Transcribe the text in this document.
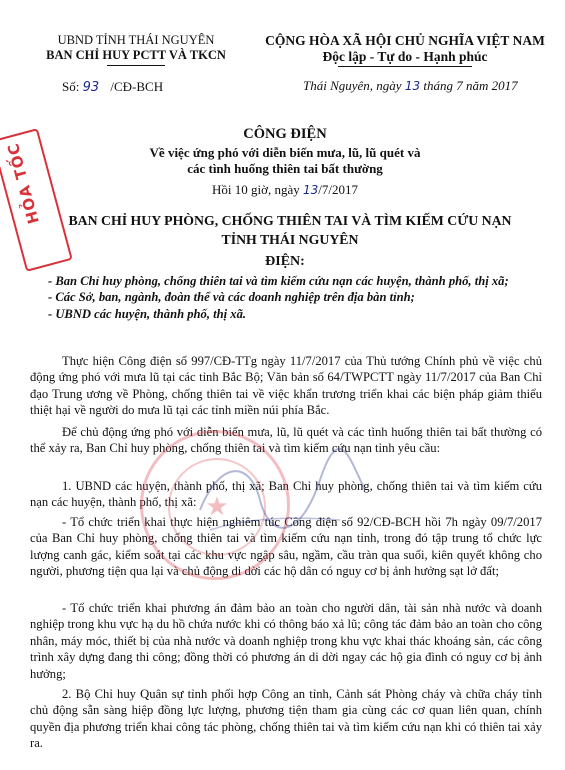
UBND TỈNH THÁI NGUYÊN
BAN CHỈ HUY PCTT VÀ TKCN
Số: 93 /CĐ-BCH
CỘNG HÒA XÃ HỘI CHỦ NGHĨA VIỆT NAM
Độc lập - Tự do - Hạnh phúc
Thái Nguyên, ngày 13 tháng 7 năm 2017
HỎA TỐC
CÔNG ĐIỆN
Về việc ứng phó với diễn biến mưa, lũ, lũ quét và
các tình huống thiên tai bất thường
Hồi 10 giờ, ngày 13/7/2017
BAN CHỈ HUY PHÒNG, CHỐNG THIÊN TAI VÀ TÌM KIẾM CỨU NẠN
TỈNH THÁI NGUYÊN
ĐIỆN:
- Ban Chỉ huy phòng, chống thiên tai và tìm kiếm cứu nạn các huyện, thành phố, thị xã;
- Các Sở, ban, ngành, đoàn thể và các doanh nghiệp trên địa bàn tỉnh;
- UBND các huyện, thành phố, thị xã.
Thực hiện Công điện số 997/CĐ-TTg ngày 11/7/2017 của Thủ tướng Chính phủ về việc chủ động ứng phó với mưa lũ tại các tỉnh Bắc Bộ; Văn bản số 64/TWPCTT ngày 11/7/2017 của Ban Chỉ đạo Trung ương về Phòng, chống thiên tai về việc khẩn trương triển khai các biện pháp giảm thiểu thiệt hại về người do mưa lũ tại các tỉnh miền núi phía Bắc.
Để chủ động ứng phó với diễn biến mưa, lũ, lũ quét và các tình huống thiên tai bất thường có thể xảy ra, Ban Chỉ huy phòng, chống thiên tai và tìm kiếm cứu nạn tỉnh yêu cầu:
1. UBND các huyện, thành phố, thị xã; Ban Chỉ huy phòng, chống thiên tai và tìm kiếm cứu nạn các huyện, thành phố, thị xã:
- Tổ chức triển khai thực hiện nghiêm túc Công điện số 92/CĐ-BCH hồi 7h ngày 09/7/2017 của Ban Chỉ huy phòng, chống thiên tai và tìm kiếm cứu nạn tỉnh, trong đó tập trung tổ chức lực lượng canh gác, kiểm soát tại các khu vực ngập sâu, ngầm, cầu tràn qua suối, kiên quyết không cho người, phương tiện qua lại và chủ động di dời các hộ dân có nguy cơ bị ảnh hưởng sạt lở đất;
- Tổ chức triển khai phương án đảm bảo an toàn cho người dân, tài sản nhà nước và doanh nghiệp trong khu vực hạ du hồ chứa nước khi có thông báo xả lũ; công tác đảm bảo an toàn cho công nhân, máy móc, thiết bị của nhà nước và doanh nghiệp trong khu vực khai thác khoáng sản, các công trình xây dựng đang thi công; đồng thời có phương án di dời ngay các hộ gia đình có nguy cơ bị ảnh hưởng;
2. Bộ Chỉ huy Quân sự tỉnh phối hợp Công an tỉnh, Cảnh sát Phòng cháy và chữa cháy tỉnh chủ động sẵn sàng hiệp đồng lực lượng, phương tiện tham gia cùng các cơ quan liên quan, chính quyền địa phương triển khai công tác phòng, chống thiên tai và tìm kiếm cứu nạn khi có thiên tai xảy ra.
★
